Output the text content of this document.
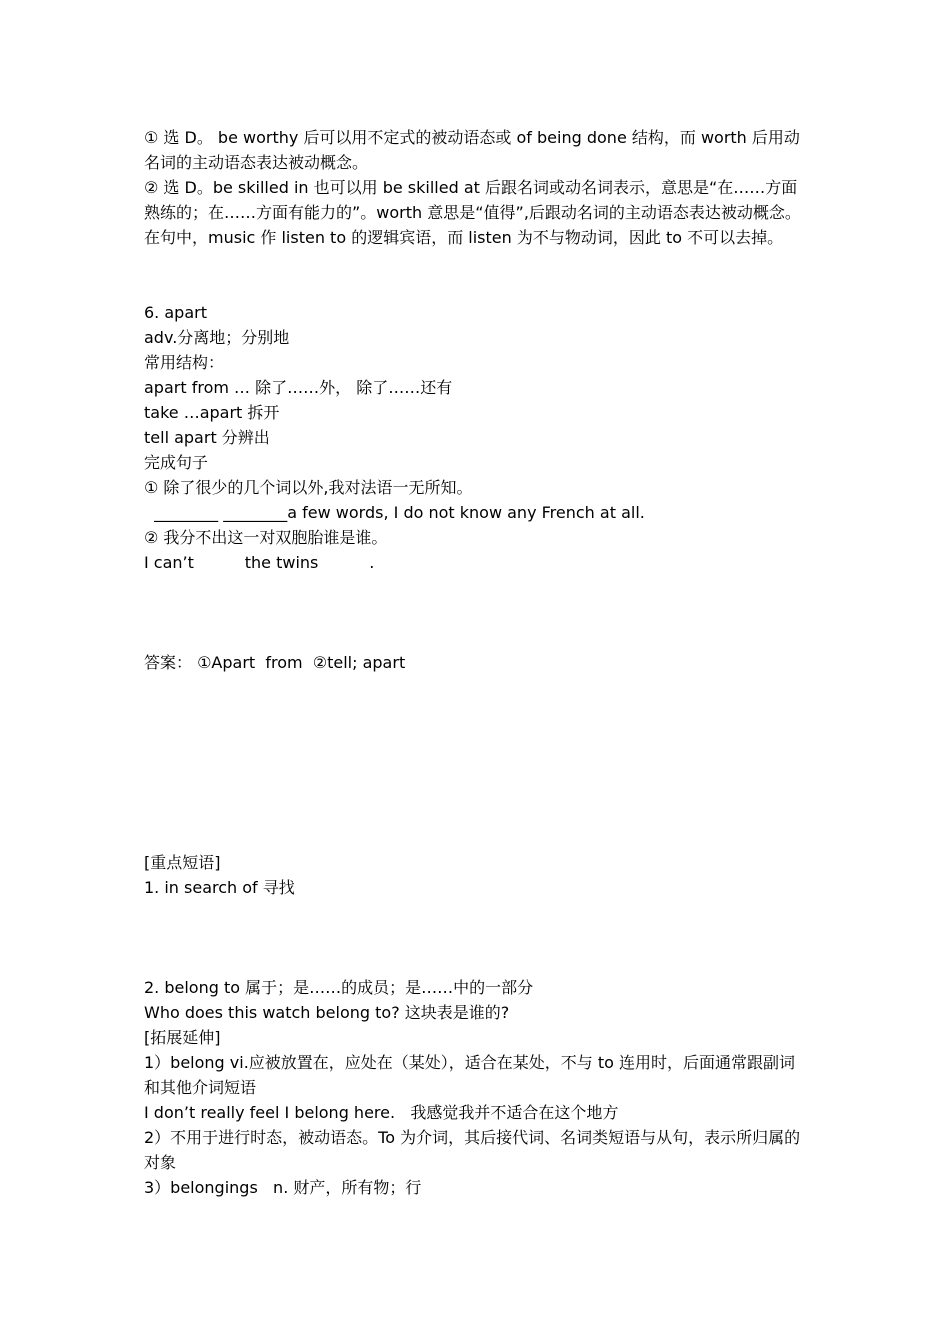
① 选 D。 be worthy 后可以用不定式的被动语态或 of being done 结构，而 worth 后用动名词的主动语态表达被动概念。

② 选 D。be skilled in 也可以用 be skilled at 后跟名词或动名词表示，意思是“在……方面熟练的；在……方面有能力的”。worth 意思是“值得”,后跟动名词的主动语态表达被动概念。在句中，music 作 listen to 的逻辑宾语，而 listen 为不与物动词，因此 to 不可以去掉。

6. apart

adv.分离地；分别地

常用结构：

apart from … 除了……外， 除了……还有

take …apart 拆开

tell apart 分辨出

完成句子

① 除了很少的几个词以外,我对法语一无所知。

________ ________a few words, I do not know any French at all.

② 我分不出这一对双胞胎谁是谁。

I can’t          the twins          .

答案： ①Apart  from  ②tell; apart

[重点短语]

1. in search of 寻找

2. belong to 属于；是……的成员；是……中的一部分

Who does this watch belong to? 这块表是谁的?

[拓展延伸]

1）belong vi.应被放置在，应处在（某处），适合在某处，不与 to 连用时，后面通常跟副词和其他介词短语

I don’t really feel I belong here.   我感觉我并不适合在这个地方

2）不用于进行时态，被动语态。To 为介词，其后接代词、名词类短语与从句，表示所归属的对象

3）belongings   n. 财产，所有物；行
